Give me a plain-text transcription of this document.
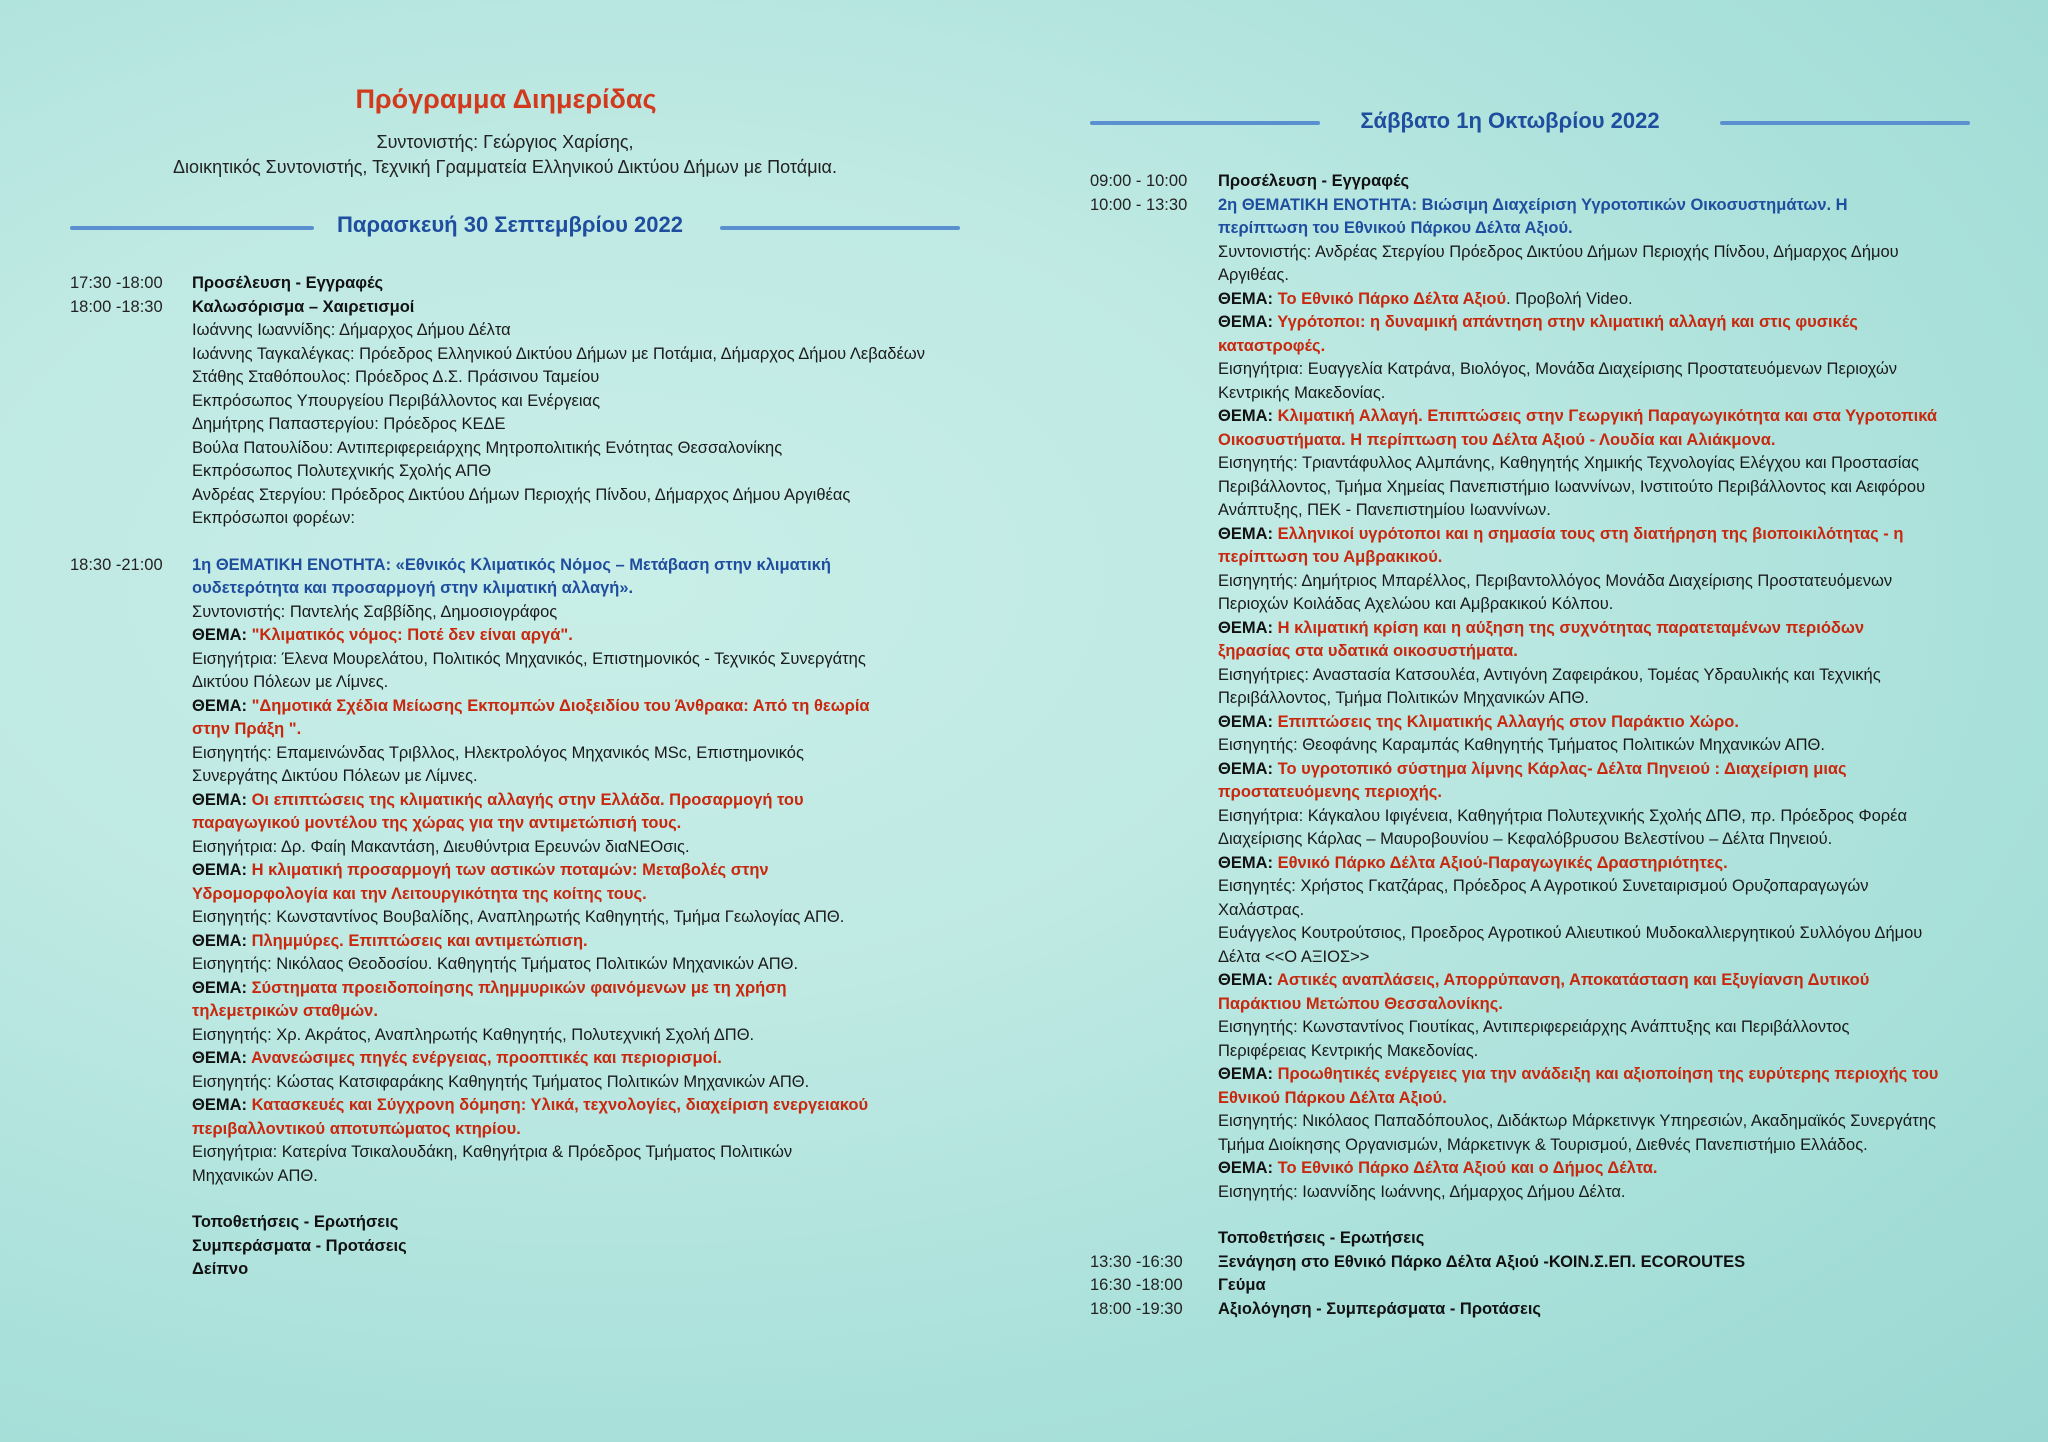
Πρόγραμμα Διημερίδας
Συντονιστής: Γεώργιος Χαρίσης,
Διοικητικός Συντονιστής, Τεχνική Γραμματεία Ελληνικού Δικτύου Δήμων με Ποτάμια.
Παρασκευή 30 Σεπτεμβρίου 2022
17:30 -18:00	Προσέλευση - Εγγραφές
18:00 -18:30	Καλωσόρισμα – Χαιρετισμοί
Ιωάννης Ιωαννίδης: Δήμαρχος Δήμου Δέλτα
Ιωάννης Ταγκαλέγκας: Πρόεδρος Ελληνικού Δικτύου Δήμων με Ποτάμια, Δήμαρχος Δήμου Λεβαδέων
Στάθης Σταθόπουλος: Πρόεδρος Δ.Σ. Πράσινου Ταμείου
Εκπρόσωπος Υπουργείου Περιβάλλοντος και Ενέργειας
Δημήτρης Παπαστεργίου: Πρόεδρος ΚΕΔΕ
Βούλα Πατουλίδου: Αντιπεριφερειάρχης Μητροπολιτικής Ενότητας Θεσσαλονίκης
Εκπρόσωπος Πολυτεχνικής Σχολής ΑΠΘ
Ανδρέας Στεργίου: Πρόεδρος Δικτύου Δήμων Περιοχής Πίνδου, Δήμαρχος Δήμου Αργιθέας
Εκπρόσωποι φορέων:
18:30 -21:00	1η ΘΕΜΑΤΙΚΗ ΕΝΟΤΗΤΑ: «Εθνικός Κλιματικός Νόμος – Μετάβαση στην κλιματική ουδετερότητα και προσαρμογή στην κλιματική αλλαγή».
Συντονιστής: Παντελής Σαββίδης, Δημοσιογράφος
ΘΕΜΑ: "Κλιματικός νόμος: Ποτέ δεν είναι αργά".
Εισηγήτρια: Έλενα Μουρελάτου, Πολιτικός Μηχανικός, Επιστημονικός - Τεχνικός Συνεργάτης Δικτύου Πόλεων με Λίμνες.
ΘΕΜΑ: "Δημοτικά Σχέδια Μείωσης Εκπομπών Διοξειδίου του Άνθρακα: Από τη θεωρία στην Πράξη ".
Εισηγητής: Επαμεινώνδας Τριβλλος, Ηλεκτρολόγος Μηχανικός MSc, Επιστημονικός Συνεργάτης Δικτύου Πόλεων με Λίμνες.
ΘΕΜΑ: Οι επιπτώσεις της κλιματικής αλλαγής στην Ελλάδα. Προσαρμογή του παραγωγικού μοντέλου της χώρας για την αντιμετώπισή τους.
Εισηγήτρια: Δρ. Φαίη Μακαντάση, Διευθύντρια Ερευνών διαΝΕΟσις.
ΘΕΜΑ: Η κλιματική προσαρμογή των αστικών ποταμών: Μεταβολές στην Υδρομορφολογία και την Λειτουργικότητα της κοίτης τους.
Εισηγητής: Κωνσταντίνος Βουβαλίδης, Αναπληρωτής Καθηγητής, Τμήμα Γεωλογίας ΑΠΘ.
ΘΕΜΑ: Πλημμύρες. Επιπτώσεις και αντιμετώπιση.
Εισηγητής: Νικόλαος Θεοδοσίου. Καθηγητής Τμήματος Πολιτικών Μηχανικών ΑΠΘ.
ΘΕΜΑ: Σύστηματα προειδοποίησης πλημμυρικών φαινόμενων με τη χρήση τηλεμετρικών σταθμών.
Εισηγητής: Χρ. Ακράτος, Αναπληρωτής Καθηγητής, Πολυτεχνική Σχολή ΔΠΘ.
ΘΕΜΑ: Ανανεώσιμες πηγές ενέργειας, προοπτικές και περιορισμοί.
Εισηγητής: Κώστας Κατσιφαράκης Καθηγητής Τμήματος Πολιτικών Μηχανικών ΑΠΘ.
ΘΕΜΑ: Κατασκευές και Σύγχρονη δόμηση: Υλικά, τεχνολογίες, διαχείριση ενεργειακού περιβαλλοντικού αποτυπώματος κτηρίου.
Εισηγήτρια: Κατερίνα Τσικαλουδάκη, Καθηγήτρια & Πρόεδρος Τμήματος Πολιτικών Μηχανικών ΑΠΘ.
Τοποθετήσεις - Ερωτήσεις
Συμπεράσματα - Προτάσεις
Δείπνο
Σάββατο 1η Οκτωβρίου 2022
09:00 - 10:00	Προσέλευση - Εγγραφές
10:00 - 13:30	2η ΘΕΜΑΤΙΚΗ ΕΝΟΤΗΤΑ: Βιώσιμη Διαχείριση Υγροτοπικών Οικοσυστημάτων. Η περίπτωση του Εθνικού Πάρκου Δέλτα Αξιού.
Συντονιστής: Ανδρέας Στεργίου Πρόεδρος Δικτύου Δήμων Περιοχής Πίνδου, Δήμαρχος Δήμου Αργιθέας.
ΘΕΜΑ: Το Εθνικό Πάρκο Δέλτα Αξιού. Προβολή Video.
ΘΕΜΑ: Υγρότοποι: η δυναμική απάντηση στην κλιματική αλλαγή και στις φυσικές καταστροφές.
Εισηγήτρια: Ευαγγελία Κατράνα, Βιολόγος, Μονάδα Διαχείρισης Προστατευόμενων Περιοχών Κεντρικής Μακεδονίας.
ΘΕΜΑ: Κλιματική Αλλαγή. Επιπτώσεις στην Γεωργική Παραγωγικότητα και στα Υγροτοπικά Οικοσυστήματα. Η περίπτωση του Δέλτα Αξιού - Λουδία και Αλιάκμονα.
Εισηγητής: Τριαντάφυλλος Αλμπάνης, Καθηγητής Χημικής Τεχνολογίας Ελέγχου και Προστασίας Περιβάλλοντος, Τμήμα Χημείας Πανεπιστήμιο Ιωαννίνων, Ινστιτούτο Περιβάλλοντος και Αειφόρου Ανάπτυξης, ΠΕΚ - Πανεπιστημίου Ιωαννίνων.
ΘΕΜΑ: Ελληνικοί υγρότοποι και η σημασία τους στη διατήρηση της βιοποικιλότητας - η περίπτωση του Αμβρακικού.
Εισηγητής: Δημήτριος Μπαρέλλος, Περιβαντολλόγος Μονάδα Διαχείρισης Προστατευόμενων Περιοχών Κοιλάδας Αχελώου και Αμβρακικού Κόλπου.
ΘΕΜΑ: Η κλιματική κρίση και η αύξηση της συχνότητας παρατεταμένων περιόδων ξηρασίας στα υδατικά οικοσυστήματα.
Εισηγήτριες: Αναστασία Κατσουλέα, Αντιγόνη Ζαφειράκου, Τομέας Υδραυλικής και Τεχνικής Περιβάλλοντος, Τμήμα Πολιτικών Μηχανικών ΑΠΘ.
ΘΕΜΑ: Επιπτώσεις της Κλιματικής Αλλαγής στον Παράκτιο Χώρο.
Εισηγητής: Θεοφάνης Καραμπάς Καθηγητής Τμήματος Πολιτικών Μηχανικών ΑΠΘ.
ΘΕΜΑ: Το υγροτοπικό σύστημα λίμνης Κάρλας- Δέλτα Πηνειού : Διαχείριση μιας προστατευόμενης περιοχής.
Εισηγήτρια: Κάγκαλου Ιφιγένεια, Καθηγήτρια Πολυτεχνικής Σχολής ΔΠΘ, πρ. Πρόεδρος Φορέα Διαχείρισης Κάρλας – Μαυροβουνίου – Κεφαλόβρυσου Βελεστίνου – Δέλτα Πηνειού.
ΘΕΜΑ: Εθνικό Πάρκο Δέλτα Αξιού-Παραγωγικές Δραστηριότητες.
Εισηγητές: Χρήστος Γκατζάρας, Πρόεδρος Α Αγροτικού Συνεταιρισμού Ορυζοπαραγωγών Χαλάστρας.
Ευάγγελος Κουτρούτσιος, Προεδρος Αγροτικού Αλιευτικού Μυδοκαλλιεργητικού Συλλόγου Δήμου Δέλτα <<Ο ΑΞΙΟΣ>>
ΘΕΜΑ: Αστικές αναπλάσεις, Απορρύπανση, Αποκατάσταση και Εξυγίανση Δυτικού Παράκτιου Μετώπου Θεσσαλονίκης.
Εισηγητής: Κωνσταντίνος Γιουτίκας, Αντιπεριφερειάρχης Ανάπτυξης και Περιβάλλοντος Περιφέρειας Κεντρικής Μακεδονίας.
ΘΕΜΑ: Προωθητικές ενέργειες για την ανάδειξη και αξιοποίηση της ευρύτερης περιοχής του Εθνικού Πάρκου Δέλτα Αξιού.
Εισηγητής: Νικόλαος Παπαδόπουλος, Διδάκτωρ Μάρκετινγκ Υπηρεσιών, Ακαδημαϊκός Συνεργάτης Τμήμα Διοίκησης Οργανισμών, Μάρκετινγκ & Τουρισμού, Διεθνές Πανεπιστήμιο Ελλάδος.
ΘΕΜΑ: Το Εθνικό Πάρκο Δέλτα Αξιού και ο Δήμος Δέλτα.
Εισηγητής: Ιωαννίδης Ιωάννης, Δήμαρχος Δήμου Δέλτα.
Τοποθετήσεις - Ερωτήσεις
13:30 -16:30	Ξενάγηση στο Εθνικό Πάρκο Δέλτα Αξιού -ΚΟΙΝ.Σ.ΕΠ. ECOROUTES
16:30 -18:00	Γεύμα
18:00 -19:30	Αξιολόγηση - Συμπεράσματα - Προτάσεις
